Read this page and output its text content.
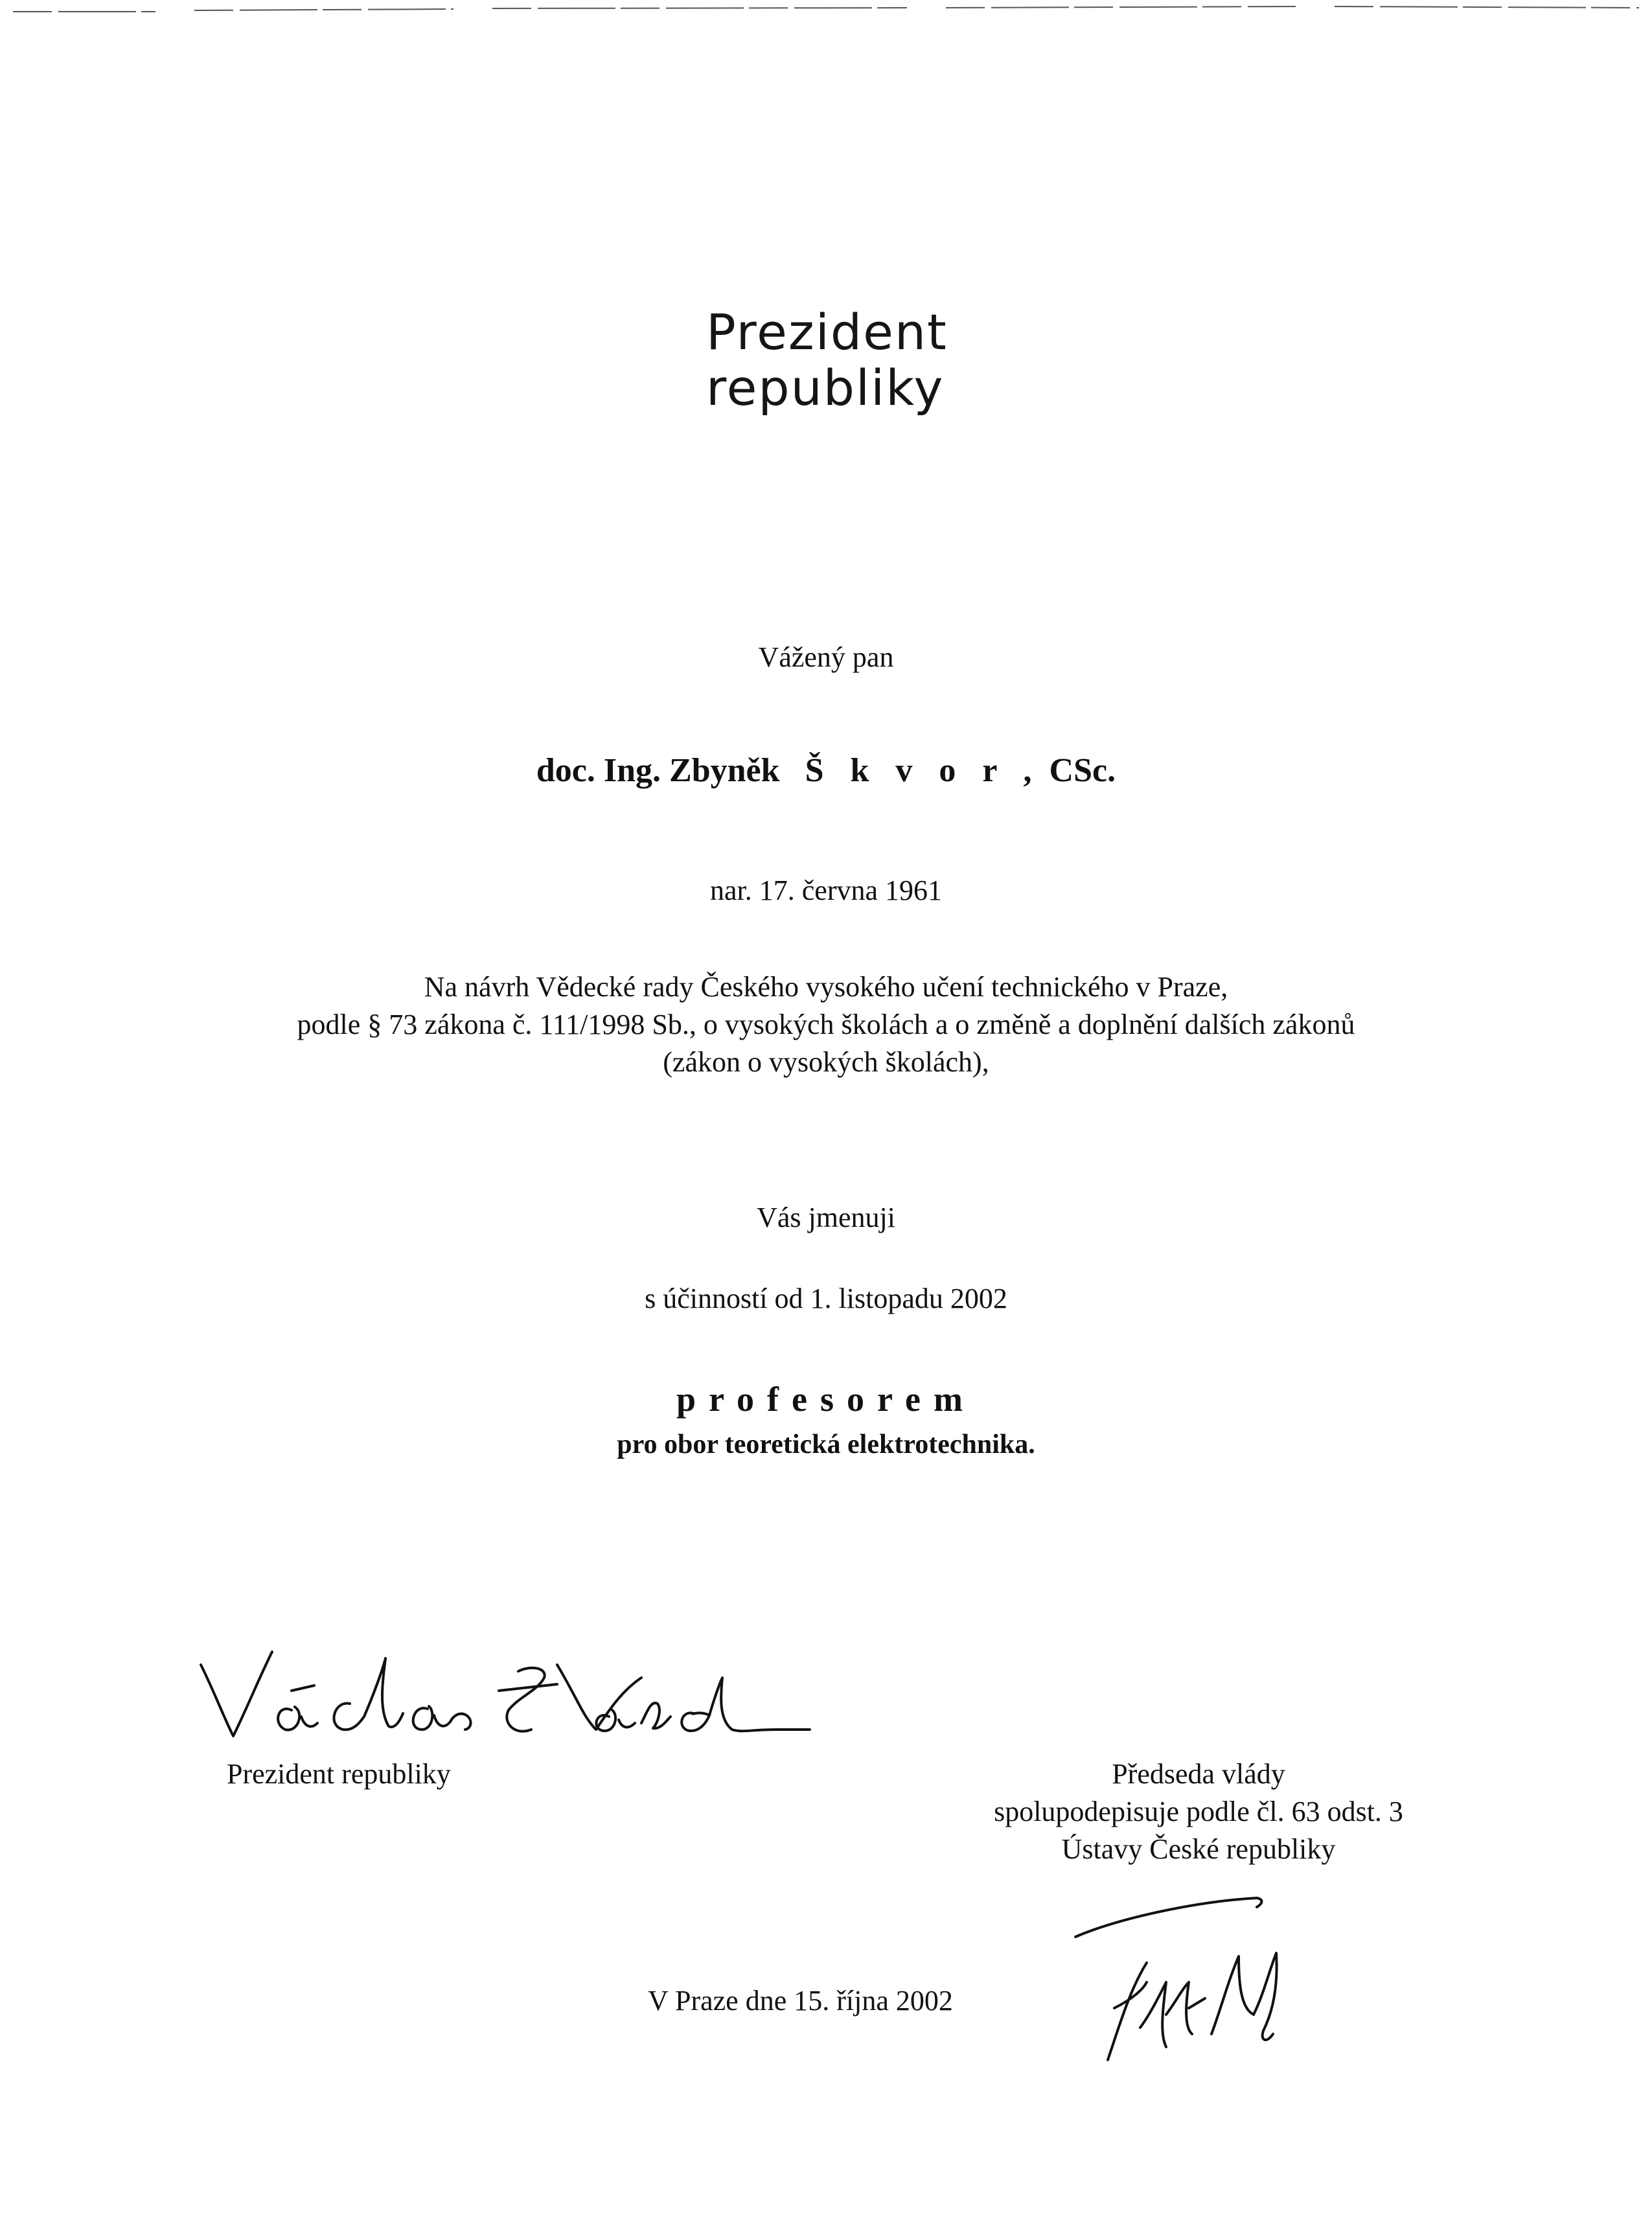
Prezident
republiky
Vážený pan
doc. Ing. Zbyněk Š k v o r , CSc.
nar. 17. června 1961
Na návrh Vědecké rady Českého vysokého učení technického v Praze,
podle § 73 zákona č. 111/1998 Sb., o vysokých školách a o změně a doplnění dalších zákonů
(zákon o vysokých školách),
Vás jmenuji
s účinností od 1. listopadu 2002
profesorem
pro obor teoretická elektrotechnika.
Prezident republiky	Předseda vlády
spolupodepisuje podle čl. 63 odst. 3
Ústavy České republiky
V Praze dne 15. října 2002
